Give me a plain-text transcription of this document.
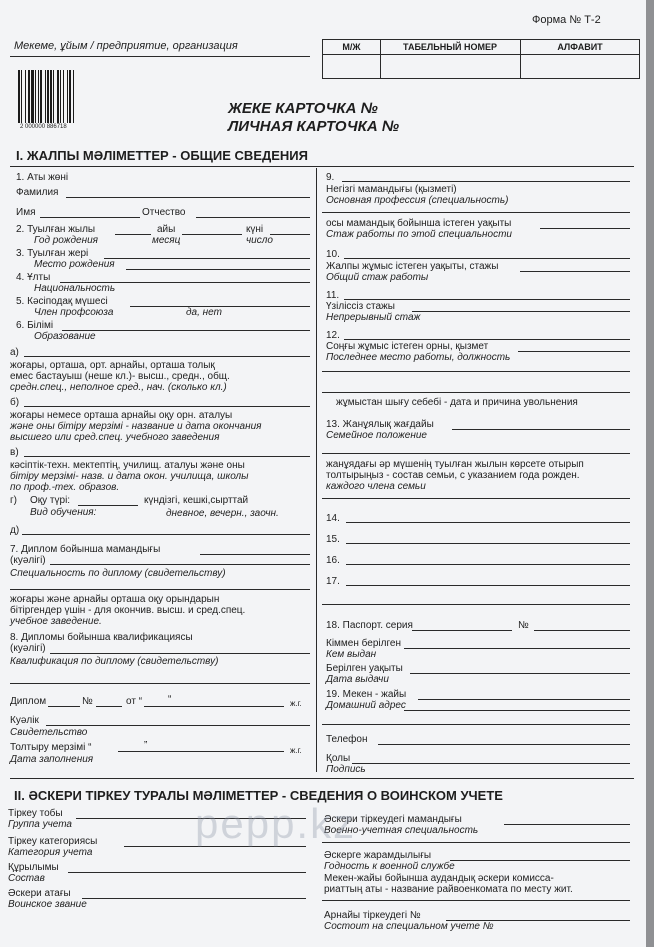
Форма № Т-2
Мекеме, ұйым / предприятие, организация	М/Ж	ТАБЕЛЬНЫЙ НОМЕР	АЛФАВИТ
2 000000 886718
ЖЕКЕ КАРТОЧКА №
ЛИЧНАЯ КАРТОЧКА №
I. ЖАЛПЫ МӘЛІМЕТТЕР - ОБЩИЕ СВЕДЕНИЯ
1. Аты жөні
Фамилия
Имя	Отчество
2. Туылған жылы	айы	күні
Год рождения	месяц	число
3. Туылған жері
Место рождения
4. Ұлты
Национальность
5. Кәсіподақ мүшесі
Член профсоюза	да, нет
6. Білімі
Образование
а)
жоғары, орташа, орт. арнайы, орташа толық
емес бастауыш (неше кл.)- высш., средн., общ.
средн.спец., неполное сред., нач. (сколько кл.)
б)
жоғары немесе орташа арнайы оқу орн. аталуы
және оны бітіру мерзімі - название и дата окончания
высшего или сред.спец. учебного заведения
в)
кәсіптік-техн. мектептің, училищ. аталуы және оны
бітіру мерзімі- назв. и дата окон. училища, школы
по проф.-тех. образов.
г) Оқу түрі:	күндізгі, кешкі,сырттай
Вид обучения:	дневное, вечерн., заочн.
д)
7. Диплом бойынша мамандығы
(куәлігі)
Специальность по диплому (свидетельству)
жоғары және арнайы орташа оқу орындарын
бітіргендер үшін - для окончив. высш. и сред.спец.
учебное заведение.
8. Дипломы бойынша квалификациясы
(куәлігі)
Квалификация по диплому (свидетельству)
Диплом	№	от “	“	ж.г.
Куәлік
Свидетельство
Толтыру мерзімі “	”	ж.г.
Дата заполнения
9.
Негізгі мамандығы (қызметі)
Основная профессия (специальность)
осы мамандық бойынша істеген уақыты
Стаж работы по этой специальности
10.
Жалпы жұмыс істеген уақыты, стажы
Общий стаж работы
11.
Үзіліссіз стажы
Непрерывный стаж
12.
Соңғы жұмыс істеген орны, қызмет
Последнее место работы, должность
жұмыстан шығу себебі - дата и причина увольнения
13. Жанұялық жағдайы
Семейное положение
жанұядағы әр мүшенің туылған жылын көрсете отырып
толтырыңыз - состав семьи, с указанием года рожден.
каждого члена семьи
14.
15.
16.
17.
18. Паспорт. серия	№
Кіммен берілген
Кем выдан
Берілген уақыты
Дата выдачи
19. Мекен - жайы
Домашний адрес
Телефон
Қолы
Подпись
II. ӘСКЕРИ ТІРКЕУ ТУРАЛЫ МӘЛІМЕТТЕР - СВЕДЕНИЯ О ВОИНСКОМ УЧЕТЕ
Тіркеу тобы
Группа учета
Тіркеу категориясы
Категория учета
Құрылымы
Состав
Әскери атағы
Воинское звание
Әскери тіркеудегі мамандығы
Военно-учетная специальность
Әскерге жарамдылығы
Годность к военной службе
Мекен-жайы бойынша аудандық әскери комисса-
риаттың аты - название райвоенкомата по месту жит.
Арнайы тіркеудегі №
Состоит на специальном учете №
pepp.kz
